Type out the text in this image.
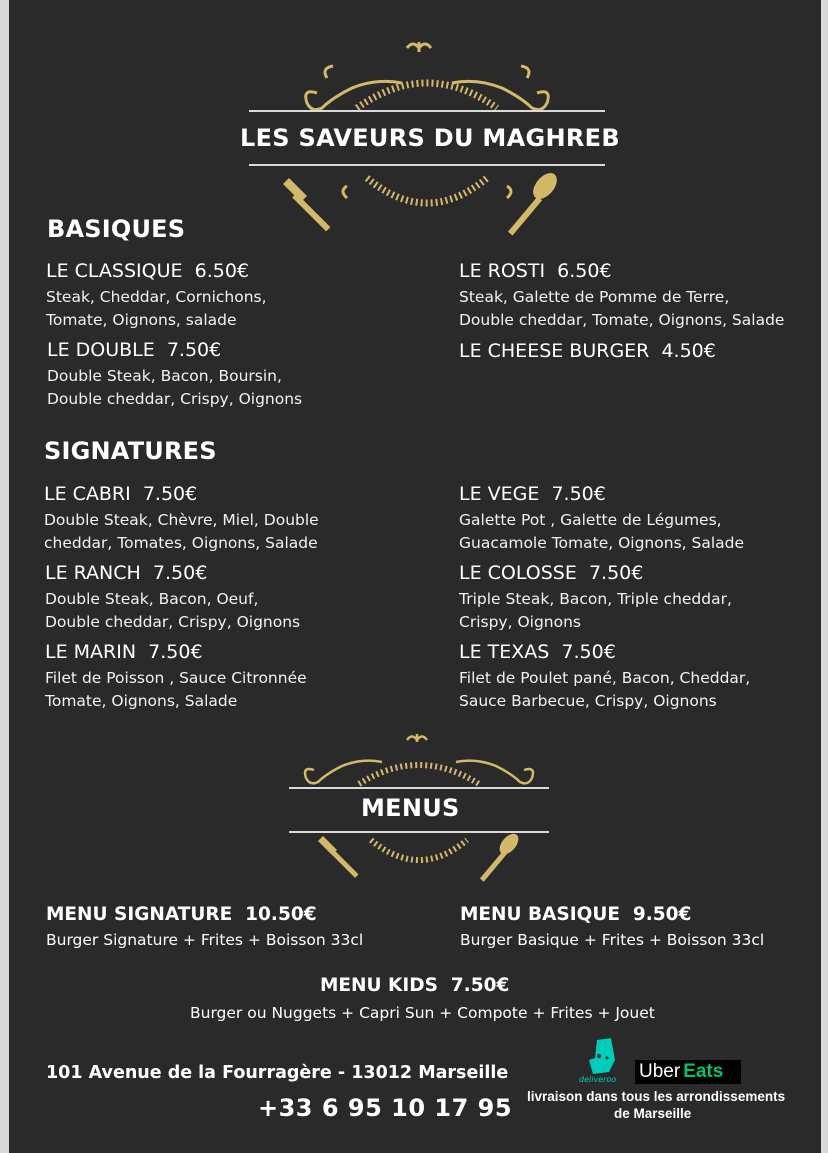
LES SAVEURS DU MAGHREB
BASIQUES
LE CLASSIQUE 6.50€
Steak, Cheddar, Cornichons,
Tomate, Oignons, salade
LE DOUBLE 7.50€
Double Steak, Bacon, Boursin,
Double cheddar, Crispy, Oignons
LE ROSTI 6.50€
Steak, Galette de Pomme de Terre,
Double cheddar, Tomate, Oignons, Salade
LE CHEESE BURGER 4.50€
SIGNATURES
LE CABRI 7.50€
Double Steak, Chèvre, Miel, Double
cheddar, Tomates, Oignons, Salade
LE RANCH 7.50€
Double Steak, Bacon, Oeuf,
Double cheddar, Crispy, Oignons
LE MARIN 7.50€
Filet de Poisson , Sauce Citronnée
Tomate, Oignons, Salade
LE VEGE 7.50€
Galette Pot , Galette de Légumes,
Guacamole Tomate, Oignons, Salade
LE COLOSSE 7.50€
Triple Steak, Bacon, Triple cheddar,
Crispy, Oignons
LE TEXAS 7.50€
Filet de Poulet pané, Bacon, Cheddar,
Sauce Barbecue, Crispy, Oignons
MENUS
MENU SIGNATURE 10.50€
Burger Signature + Frites + Boisson 33cl
MENU BASIQUE 9.50€
Burger Basique + Frites + Boisson 33cl
MENU KIDS 7.50€
Burger ou Nuggets + Capri Sun + Compote + Frites + Jouet
101 Avenue de la Fourragère - 13012 Marseille
+33 6 95 10 17 95
deliveroo Uber Eats
livraison dans tous les arrondissements
de Marseille
